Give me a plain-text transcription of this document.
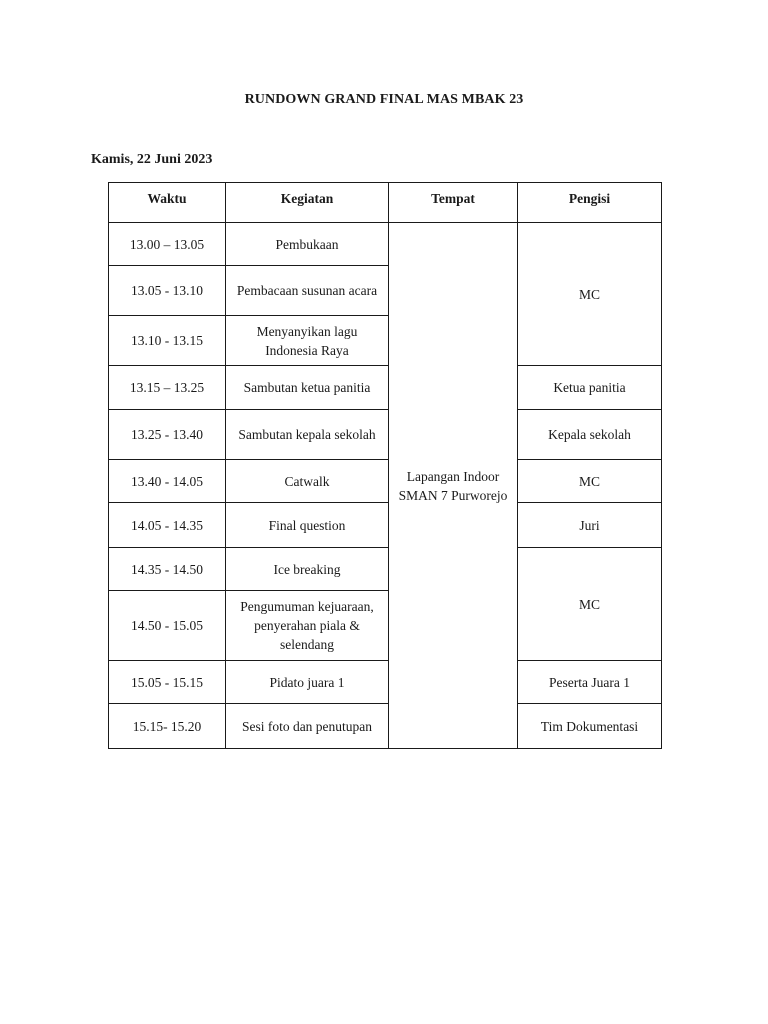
RUNDOWN GRAND FINAL MAS MBAK 23
Kamis, 22 Juni 2023
Waktu	Kegiatan	Tempat	Pengisi
13.00 – 13.05	Pembukaan	Lapangan Indoor SMAN 7 Purworejo	MC
13.05 - 13.10	Pembacaan susunan acara		
13.10 - 13.15	Menyanyikan lagu Indonesia Raya		
13.15 – 13.25	Sambutan ketua panitia		Ketua panitia
13.25 - 13.40	Sambutan kepala sekolah		Kepala sekolah
13.40 - 14.05	Catwalk		MC
14.05 - 14.35	Final question		Juri
14.35 - 14.50	Ice breaking		MC
14.50 - 15.05	Pengumuman kejuaraan, penyerahan piala & selendang		
15.05 - 15.15	Pidato juara 1		Peserta Juara 1
15.15- 15.20	Sesi foto dan penutupan		Tim Dokumentasi
